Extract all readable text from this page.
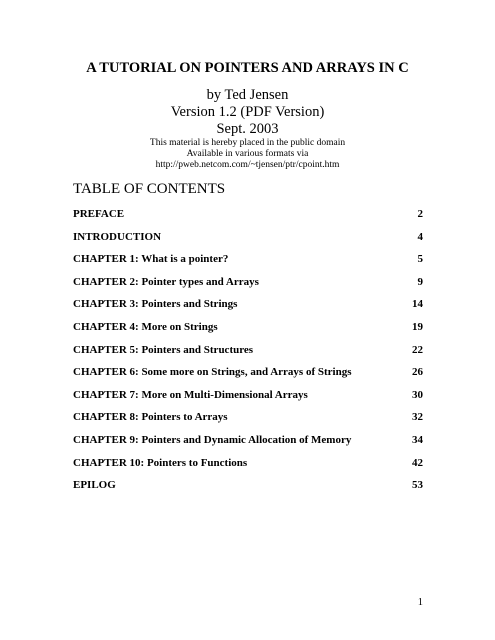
A TUTORIAL ON POINTERS AND ARRAYS IN C
by Ted Jensen
Version 1.2 (PDF Version)
Sept. 2003
This material is hereby placed in the public domain
Available in various formats via
http://pweb.netcom.com/~tjensen/ptr/cpoint.htm
TABLE OF CONTENTS
PREFACE	2
INTRODUCTION	4
CHAPTER 1: What is a pointer?	5
CHAPTER 2: Pointer types and Arrays	9
CHAPTER 3: Pointers and Strings	14
CHAPTER 4: More on Strings	19
CHAPTER 5: Pointers and Structures	22
CHAPTER 6: Some more on Strings, and Arrays of Strings	26
CHAPTER 7: More on Multi-Dimensional Arrays	30
CHAPTER 8: Pointers to Arrays	32
CHAPTER 9: Pointers and Dynamic Allocation of Memory	34
CHAPTER 10: Pointers to Functions	42
EPILOG	53
1
